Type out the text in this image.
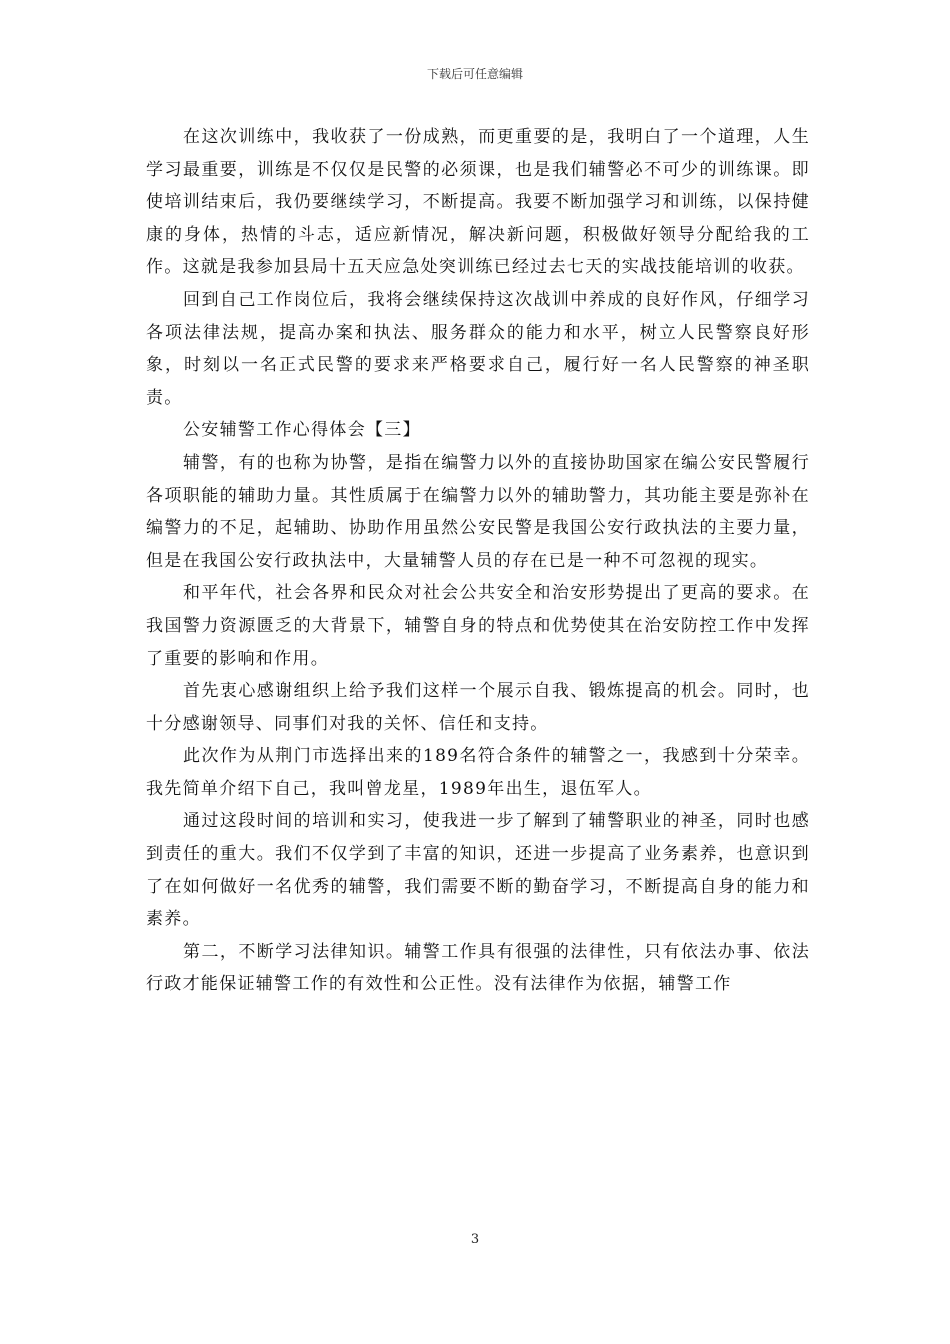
下载后可任意编辑

在这次训练中，我收获了一份成熟，而更重要的是，我明白了一个道理，人生学习最重要，训练是不仅仅是民警的必须课，也是我们辅警必不可少的训练课。即使培训结束后，我仍要继续学习，不断提高。我要不断加强学习和训练，以保持健康的身体，热情的斗志，适应新情况，解决新问题，积极做好领导分配给我的工作。这就是我参加县局十五天应急处突训练已经过去七天的实战技能培训的收获。

回到自己工作岗位后，我将会继续保持这次战训中养成的良好作风，仔细学习各项法律法规，提高办案和执法、服务群众的能力和水平，树立人民警察良好形象，时刻以一名正式民警的要求来严格要求自己，履行好一名人民警察的神圣职责。

公安辅警工作心得体会【三】

辅警，有的也称为协警，是指在编警力以外的直接协助国家在编公安民警履行各项职能的辅助力量。其性质属于在编警力以外的辅助警力，其功能主要是弥补在编警力的不足，起辅助、协助作用虽然公安民警是我国公安行政执法的主要力量，但是在我国公安行政执法中，大量辅警人员的存在已是一种不可忽视的现实。

和平年代，社会各界和民众对社会公共安全和治安形势提出了更高的要求。在我国警力资源匮乏的大背景下，辅警自身的特点和优势使其在治安防控工作中发挥了重要的影响和作用。

首先衷心感谢组织上给予我们这样一个展示自我、锻炼提高的机会。同时，也十分感谢领导、同事们对我的关怀、信任和支持。

此次作为从荆门市选择出来的189名符合条件的辅警之一，我感到十分荣幸。我先简单介绍下自己，我叫曾龙星，1989年出生，退伍军人。

通过这段时间的培训和实习，使我进一步了解到了辅警职业的神圣，同时也感到责任的重大。我们不仅学到了丰富的知识，还进一步提高了业务素养，也意识到了在如何做好一名优秀的辅警，我们需要不断的勤奋学习，不断提高自身的能力和素养。

第二，不断学习法律知识。辅警工作具有很强的法律性，只有依法办事、依法行政才能保证辅警工作的有效性和公正性。没有法律作为依据，辅警工作

3
